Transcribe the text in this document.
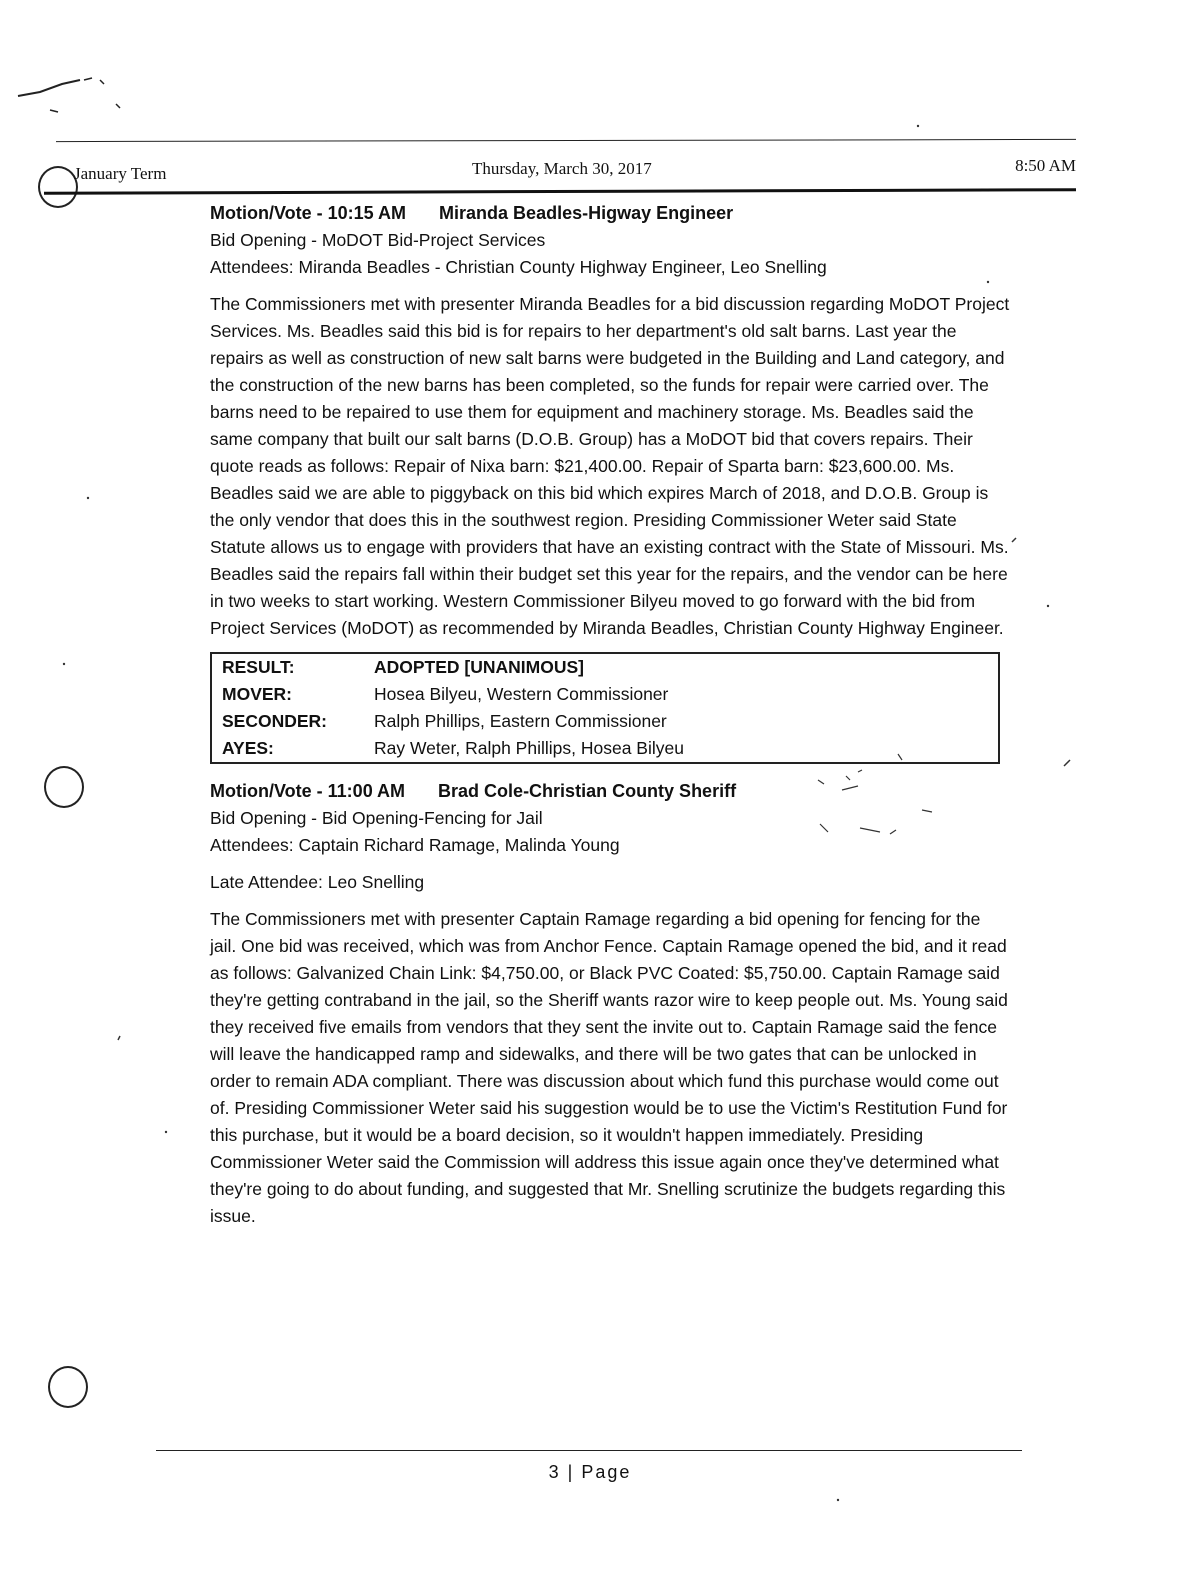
January Term	Thursday, March 30, 2017	8:50 AM
Motion/Vote - 10:15 AM Miranda Beadles-Higway Engineer
Bid Opening - MoDOT Bid-Project Services
Attendees: Miranda Beadles - Christian County Highway Engineer, Leo Snelling
The Commissioners met with presenter Miranda Beadles for a bid discussion regarding MoDOT Project Services. Ms. Beadles said this bid is for repairs to her department's old salt barns. Last year the repairs as well as construction of new salt barns were budgeted in the Building and Land category, and the construction of the new barns has been completed, so the funds for repair were carried over. The barns need to be repaired to use them for equipment and machinery storage. Ms. Beadles said the same company that built our salt barns (D.O.B. Group) has a MoDOT bid that covers repairs. Their quote reads as follows: Repair of Nixa barn: $21,400.00. Repair of Sparta barn: $23,600.00. Ms. Beadles said we are able to piggyback on this bid which expires March of 2018, and D.O.B. Group is the only vendor that does this in the southwest region. Presiding Commissioner Weter said State Statute allows us to engage with providers that have an existing contract with the State of Missouri. Ms. Beadles said the repairs fall within their budget set this year for the repairs, and the vendor can be here in two weeks to start working. Western Commissioner Bilyeu moved to go forward with the bid from Project Services (MoDOT) as recommended by Miranda Beadles, Christian County Highway Engineer.
RESULT:	ADOPTED [UNANIMOUS]
MOVER:	Hosea Bilyeu, Western Commissioner
SECONDER:	Ralph Phillips, Eastern Commissioner
AYES:	Ray Weter, Ralph Phillips, Hosea Bilyeu
Motion/Vote - 11:00 AM Brad Cole-Christian County Sheriff
Bid Opening - Bid Opening-Fencing for Jail
Attendees: Captain Richard Ramage, Malinda Young
Late Attendee: Leo Snelling
The Commissioners met with presenter Captain Ramage regarding a bid opening for fencing for the jail. One bid was received, which was from Anchor Fence. Captain Ramage opened the bid, and it read as follows: Galvanized Chain Link: $4,750.00, or Black PVC Coated: $5,750.00. Captain Ramage said they're getting contraband in the jail, so the Sheriff wants razor wire to keep people out. Ms. Young said they received five emails from vendors that they sent the invite out to. Captain Ramage said the fence will leave the handicapped ramp and sidewalks, and there will be two gates that can be unlocked in order to remain ADA compliant. There was discussion about which fund this purchase would come out of. Presiding Commissioner Weter said his suggestion would be to use the Victim's Restitution Fund for this purchase, but it would be a board decision, so it wouldn't happen immediately. Presiding Commissioner Weter said the Commission will address this issue again once they've determined what they're going to do about funding, and suggested that Mr. Snelling scrutinize the budgets regarding this issue.
3 | Page
